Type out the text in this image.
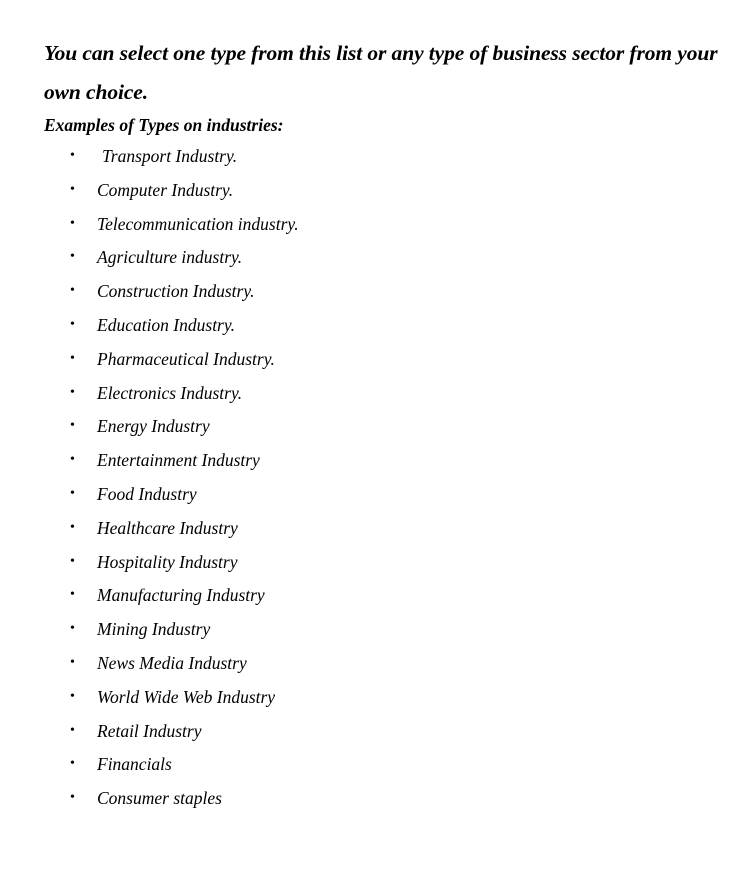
You can select one type from this list or any type of business sector from your own choice.

Examples of Types on industries:

• Transport Industry.
• Computer Industry.
• Telecommunication industry.
• Agriculture industry.
• Construction Industry.
• Education Industry.
• Pharmaceutical Industry.
• Electronics Industry.
• Energy Industry
• Entertainment Industry
• Food Industry
• Healthcare Industry
• Hospitality Industry
• Manufacturing Industry
• Mining Industry
• News Media Industry
• World Wide Web Industry
• Retail Industry
• Financials
• Consumer staples
